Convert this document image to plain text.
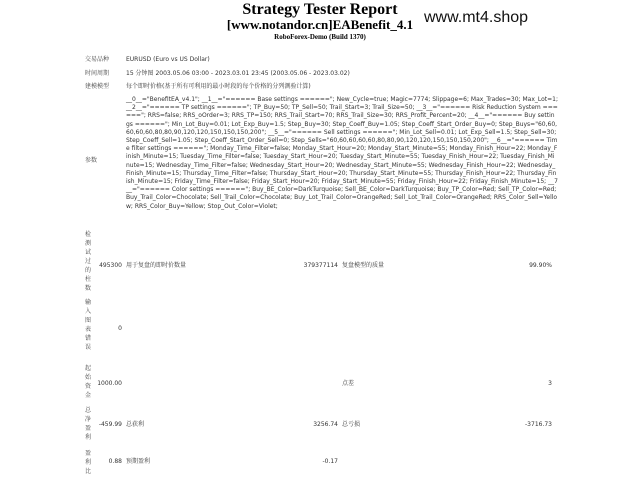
Strategy Tester Report
[www.notandor.cn]EABenefit_4.1
RoboForex-Demo (Build 1370)
www.mt4.shop
交易品种	EURUSD (Euro vs US Dollar)
时间周期	15 分钟图 2003.05.06 03:00 - 2023.03.01 23:45 (2003.05.06 - 2023.03.02)
建模模型	每个即时价格(基于所有可利用的最小时段的每个价格的分列测验计算)
参数
__0__="BenefitEA_v4.1"; __1__="====== Base settings ======"; New_Cycle=true; Magic=7774; Slippage=6; Max_Trades=30; Max_Lot=1; __2__="====== TP settings ======"; TP_Buy=50; TP_Sell=50; Trail_Start=3; Trail_Size=50; __3__="====== Risk Reduction System ======"; RRS=false; RRS_oOrder=3; RRS_TP=150; RRS_Trail_Start=70; RRS_Trail_Size=30; RRS_Profit_Percent=20; __4__="====== Buy settings ======"; Min_Lot_Buy=0.01; Lot_Exp_Buy=1.5; Step_Buy=30; Step_Coeff_Buy=1.05; Step_Coeff_Start_Order_Buy=0; Step_Buys="60,60,60,60,60,80,80,90,120,120,150,150,150,200"; __5__="====== Sell settings ======"; Min_Lot_Sell=0.01; Lot_Exp_Sell=1.5; Step_Sell=30; Step_Coeff_Sell=1.05; Step_Coeff_Start_Order_Sell=0; Step_Sells="60,60,60,60,60,80,80,90,120,120,150,150,150,200"; __6__="====== Time filter settings ======"; Monday_Time_Filter=false; Monday_Start_Hour=20; Monday_Start_Minute=55; Monday_Finish_Hour=22; Monday_Finish_Minute=15; Tuesday_Time_Filter=false; Tuesday_Start_Hour=20; Tuesday_Start_Minute=55; Tuesday_Finish_Hour=22; Tuesday_Finish_Minute=15; Wednesday_Time_Filter=false; Wednesday_Start_Hour=20; Wednesday_Start_Minute=55; Wednesday_Finish_Hour=22; Wednesday_Finish_Minute=15; Thursday_Time_Filter=false; Thursday_Start_Hour=20; Thursday_Start_Minute=55; Thursday_Finish_Hour=22; Thursday_Finish_Minute=15; Friday_Time_Filter=false; Friday_Start_Hour=20; Friday_Start_Minute=55; Friday_Finish_Hour=22; Friday_Finish_Minute=15; __7__="====== Color settings ======"; Buy_BE_Color=DarkTurquoise; Sell_BE_Color=DarkTurquoise; Buy_TP_Color=Red; Sell_TP_Color=Red; Buy_Trail_Color=Chocolate; Sell_Trail_Color=Chocolate; Buy_Lot_Trail_Color=OrangeRed; Sell_Lot_Trail_Color=OrangeRed; RRS_Color_Sell=Yellow; RRS_Color_Buy=Yellow; Stop_Out_Color=Violet;
检测试过的柱数
495300 用于复盘的即时价数量	379377114 复盘模型的质量	99.90%
输入图表错误
0
起始资金
1000.00	点差	3
总净盈利
-459.99 总获利	3256.74 总亏损	-3716.73
盈利比
0.88 预期盈利	-0.17
